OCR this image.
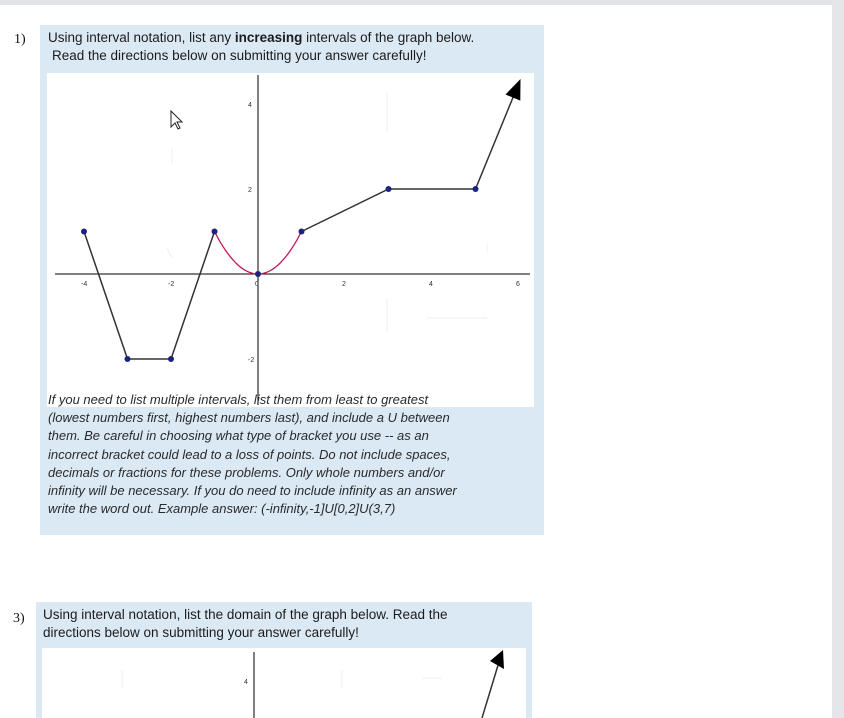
1) Using interval notation, list any increasing intervals of the graph below.
Read the directions below on submitting your answer carefully!
-4	-2	0	2	4	6
4
2
-2
If you need to list multiple intervals, list them from least to greatest
(lowest numbers first, highest numbers last), and include a U between
them. Be careful in choosing what type of bracket you use -- as an
incorrect bracket could lead to a loss of points. Do not include spaces,
decimals or fractions for these problems. Only whole numbers and/or
infinity will be necessary. If you do need to include infinity as an answer
write the word out. Example answer: (-infinity,-1]U[0,2]U(3,7)
3) Using interval notation, list the domain of the graph below. Read the
directions below on submitting your answer carefully!
4
